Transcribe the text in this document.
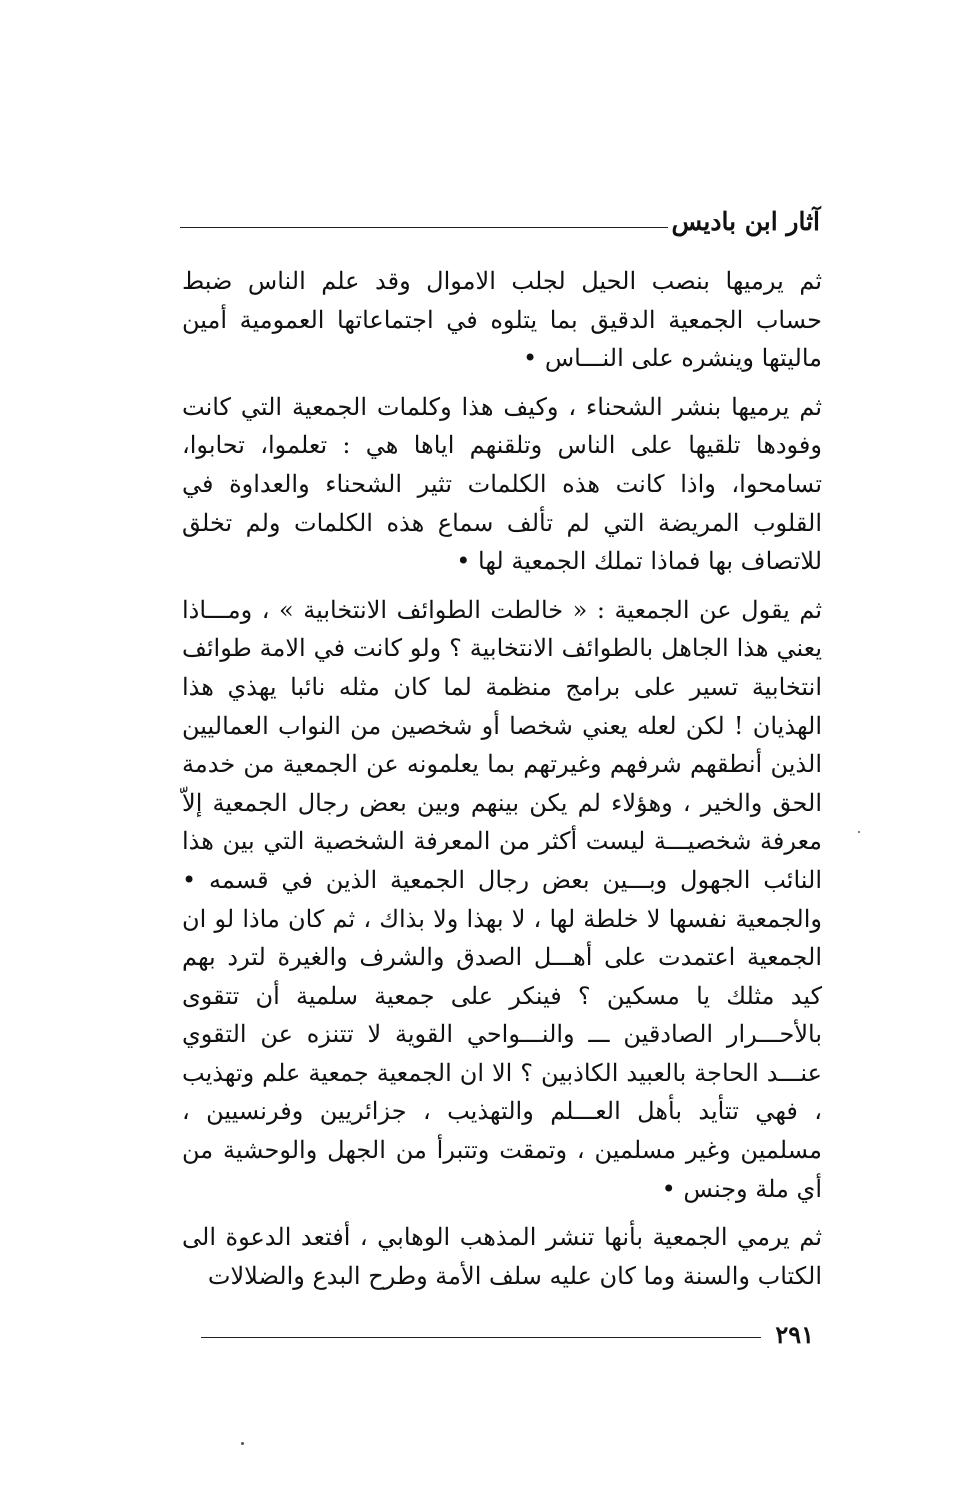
آثار ابن باديس

ثم يرميها بنصب الحيل لجلب الاموال وقد علم الناس ضبط حساب الجمعية الدقيق بما يتلوه في اجتماعاتها العمومية أمين ماليتها وينشره على النـــاس •

ثم يرميها بنشر الشحناء ، وكيف هذا وكلمات الجمعية التي كانت وفودها تلقيها على الناس وتلقنهم اياها هي : تعلموا، تحابوا، تسامحوا، واذا كانت هذه الكلمات تثير الشحناء والعداوة في القلوب المريضة التي لم تألف سماع هذه الكلمات ولم تخلق للاتصاف بها فماذا تملك الجمعية لها •

ثم يقول عن الجمعية : « خالطت الطوائف الانتخابية » ، ومـــاذا يعني هذا الجاهل بالطوائف الانتخابية ؟ ولو كانت في الامة طوائف انتخابية تسير على برامج منظمة لما كان مثله نائبا يهذي هذا الهذيان ! لكن لعله يعني شخصا أو شخصين من النواب العماليين الذين أنطقهم شرفهم وغيرتهم بما يعلمونه عن الجمعية من خدمة الحق والخير ، وهؤلاء لم يكن بينهم وبين بعض رجال الجمعية إلاّ معرفة شخصيـــة ليست أكثر من المعرفة الشخصية التي بين هذا النائب الجهول وبـــين بعض رجال الجمعية الذين في قسمه • والجمعية نفسها لا خلطة لها ، لا بهذا ولا بذاك ، ثم كان ماذا لو ان الجمعية اعتمدت على أهـــل الصدق والشرف والغيرة لترد بهم كيد مثلك يا مسكين ؟ فينكر على جمعية سلمية أن تتقوى بالأحـــرار الصادقين ـــ والنـــواحي القوية لا تتنزه عن التقوي عنـــد الحاجة بالعبيد الكاذبين ؟ الا ان الجمعية جمعية علم وتهذيب ، فهي تتأيد بأهل العـــلم والتهذيب ، جزائريين وفرنسيين ، مسلمين وغير مسلمين ، وتمقت وتتبرأ من الجهل والوحشية من أي ملة وجنس •

ثم يرمي الجمعية بأنها تنشر المذهب الوهابي ، أفتعد الدعوة الى الكتاب والسنة وما كان عليه سلف الأمة وطرح البدع والضلالات

٢٩١
